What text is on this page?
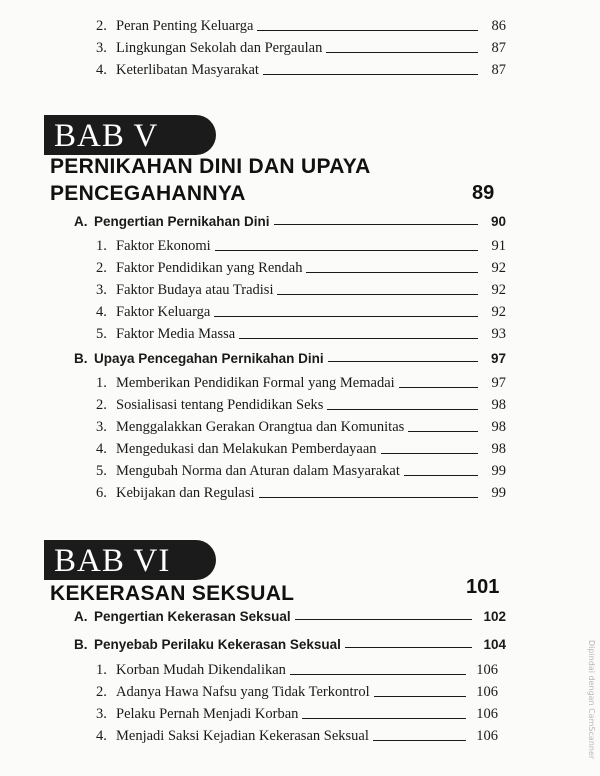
2. Peran Penting Keluarga	86
3. Lingkungan Sekolah dan Pergaulan	87
4. Keterlibatan Masyarakat	87
BAB V
PERNIKAHAN DINI DAN UPAYA
PENCEGAHANNYA	89
A. Pengertian Pernikahan Dini	90
1. Faktor Ekonomi	91
2. Faktor Pendidikan yang Rendah	92
3. Faktor Budaya atau Tradisi	92
4. Faktor Keluarga	92
5. Faktor Media Massa	93
B. Upaya Pencegahan Pernikahan Dini	97
1. Memberikan Pendidikan Formal yang Memadai	97
2. Sosialisasi tentang Pendidikan Seks	98
3. Menggalakkan Gerakan Orangtua dan Komunitas	98
4. Mengedukasi dan Melakukan Pemberdayaan	98
5. Mengubah Norma dan Aturan dalam Masyarakat	99
6. Kebijakan dan Regulasi	99
BAB VI
KEKERASAN SEKSUAL	101
A. Pengertian Kekerasan Seksual	102
B. Penyebab Perilaku Kekerasan Seksual	104
1. Korban Mudah Dikendalikan	106
2. Adanya Hawa Nafsu yang Tidak Terkontrol	106
3. Pelaku Pernah Menjadi Korban	106
4. Menjadi Saksi Kejadian Kekerasan Seksual	106	Dipindai dengan CamScanner
